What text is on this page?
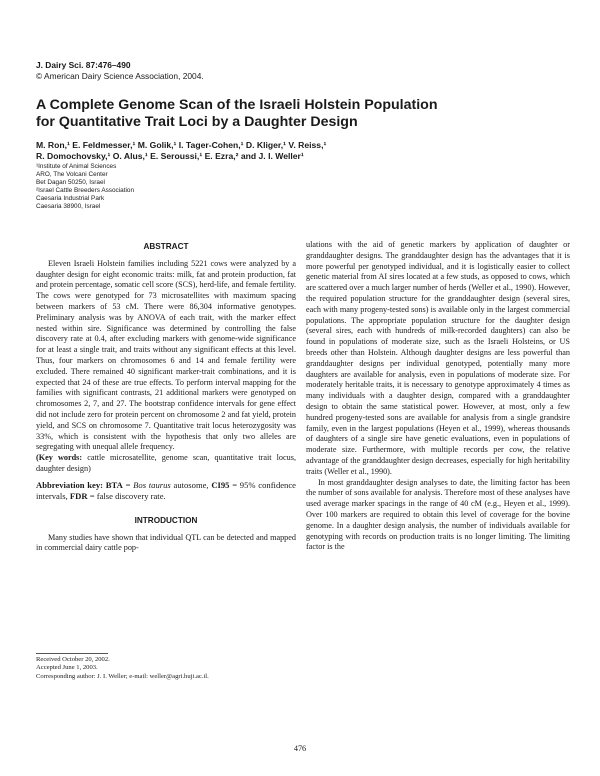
J. Dairy Sci. 87:476–490
© American Dairy Science Association, 2004.
A Complete Genome Scan of the Israeli Holstein Population
for Quantitative Trait Loci by a Daughter Design
M. Ron,¹ E. Feldmesser,¹ M. Golik,¹ I. Tager-Cohen,¹ D. Kliger,¹ V. Reiss,¹
R. Domochovsky,¹ O. Alus,¹ E. Seroussi,¹ E. Ezra,² and J. I. Weller¹
¹Institute of Animal Sciences
ARO, The Volcani Center
Bet Dagan 50250, Israel
²Israel Cattle Breeders Association
Caesaria Industrial Park
Caesaria 38900, Israel
ABSTRACT

Eleven Israeli Holstein families including 5221 cows were analyzed by a daughter design for eight economic traits: milk, fat and protein production, fat and protein percentage, somatic cell score (SCS), herd-life, and female fertility. The cows were genotyped for 73 microsatellites with maximum spacing between markers of 53 cM. There were 86,304 informative genotypes. Preliminary analysis was by ANOVA of each trait, with the marker effect nested within sire. Significance was determined by controlling the false discovery rate at 0.4, after excluding markers with genome-wide significance for at least a single trait, and traits without any significant effects at this level. Thus, four markers on chromosomes 6 and 14 and female fertility were excluded. There remained 40 significant marker-trait combinations, and it is expected that 24 of these are true effects. To perform interval mapping for the families with significant contrasts, 21 additional markers were genotyped on chromosomes 2, 7, and 27. The bootstrap confidence intervals for gene effect did not include zero for protein percent on chromosome 2 and fat yield, protein yield, and SCS on chromosome 7. Quantitative trait locus heterozygosity was 33%, which is consistent with the hypothesis that only two alleles are segregating with unequal allele frequency.

(Key words: cattle microsatellite, genome scan, quantitative trait locus, daughter design)

Abbreviation key: BTA = Bos taurus autosome, CI95 = 95% confidence intervals, FDR = false discovery rate.

INTRODUCTION

Many studies have shown that individual QTL can be detected and mapped in commercial dairy cattle pop-

ulations with the aid of genetic markers by application of daughter or granddaughter designs. The granddaughter design has the advantages that it is more powerful per genotyped individual, and it is logistically easier to collect genetic material from AI sires located at a few studs, as opposed to cows, which are scattered over a much larger number of herds (Weller et al., 1990). However, the required population structure for the granddaughter design (several sires, each with many progeny-tested sons) is available only in the largest commercial populations. The appropriate population structure for the daughter design (several sires, each with hundreds of milk-recorded daughters) can also be found in populations of moderate size, such as the Israeli Holsteins, or US breeds other than Holstein. Although daughter designs are less powerful than granddaughter designs per individual genotyped, potentially many more daughters are available for analysis, even in populations of moderate size. For moderately heritable traits, it is necessary to genotype approximately 4 times as many individuals with a daughter design, compared with a granddaughter design to obtain the same statistical power. However, at most, only a few hundred progeny-tested sons are available for analysis from a single grandsire family, even in the largest populations (Heyen et al., 1999), whereas thousands of daughters of a single sire have genetic evaluations, even in populations of moderate size. Furthermore, with multiple records per cow, the relative advantage of the granddaughter design decreases, especially for high heritability traits (Weller et al., 1990).

In most granddaughter design analyses to date, the limiting factor has been the number of sons available for analysis. Therefore most of these analyses have used average marker spacings in the range of 40 cM (e.g., Heyen et al., 1999). Over 100 markers are required to obtain this level of coverage for the bovine genome. In a daughter design analysis, the number of individuals available for genotyping with records on production traits is no longer limiting. The limiting factor is the

Received October 20, 2002.
Accepted June 1, 2003.
Corresponding author: J. I. Weller; e-mail: weller@agri.huji.ac.il.
476
